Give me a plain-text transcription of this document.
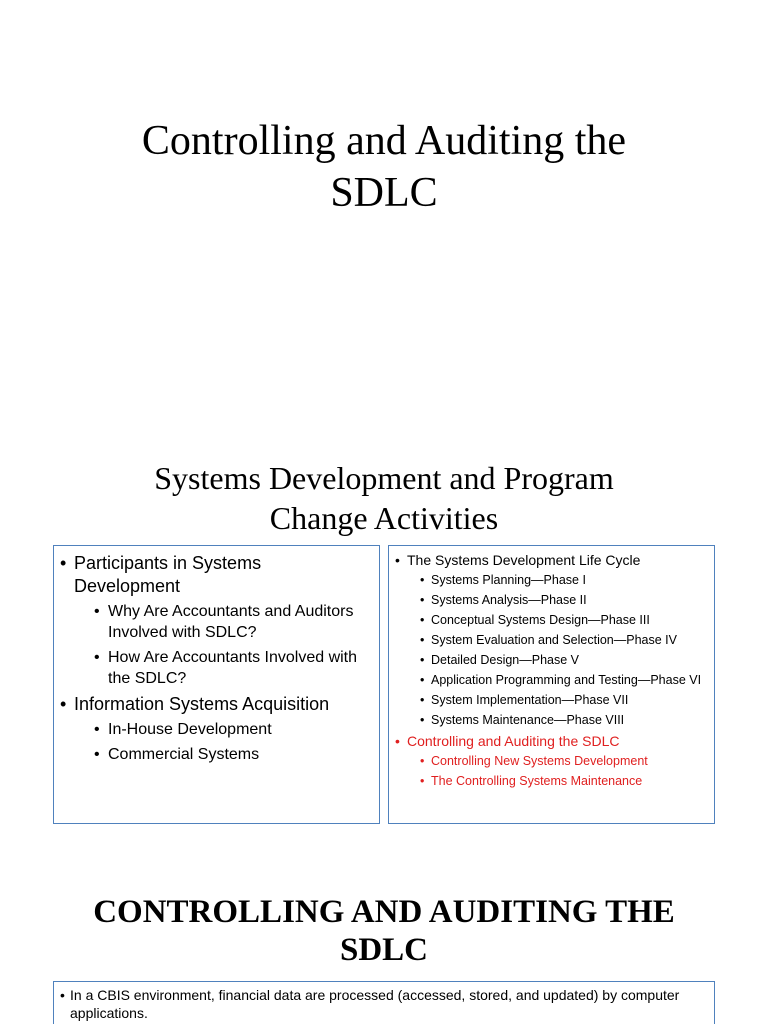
Controlling and Auditing the
SDLC
Systems Development and Program
Change Activities
• Participants in Systems Development
• Why Are Accountants and Auditors Involved with SDLC?
• How Are Accountants Involved with the SDLC?
• Information Systems Acquisition
• In-House Development
• Commercial Systems
• The Systems Development Life Cycle
• Systems Planning—Phase I
• Systems Analysis—Phase II
• Conceptual Systems Design—Phase III
• System Evaluation and Selection—Phase IV
• Detailed Design—Phase V
• Application Programming and Testing—Phase VI
• System Implementation—Phase VII
• Systems Maintenance—Phase VIII
• Controlling and Auditing the SDLC
• Controlling New Systems Development
• The Controlling Systems Maintenance
CONTROLLING AND AUDITING THE
SDLC
• In a CBIS environment, financial data are processed (accessed, stored, and updated) by computer applications.
